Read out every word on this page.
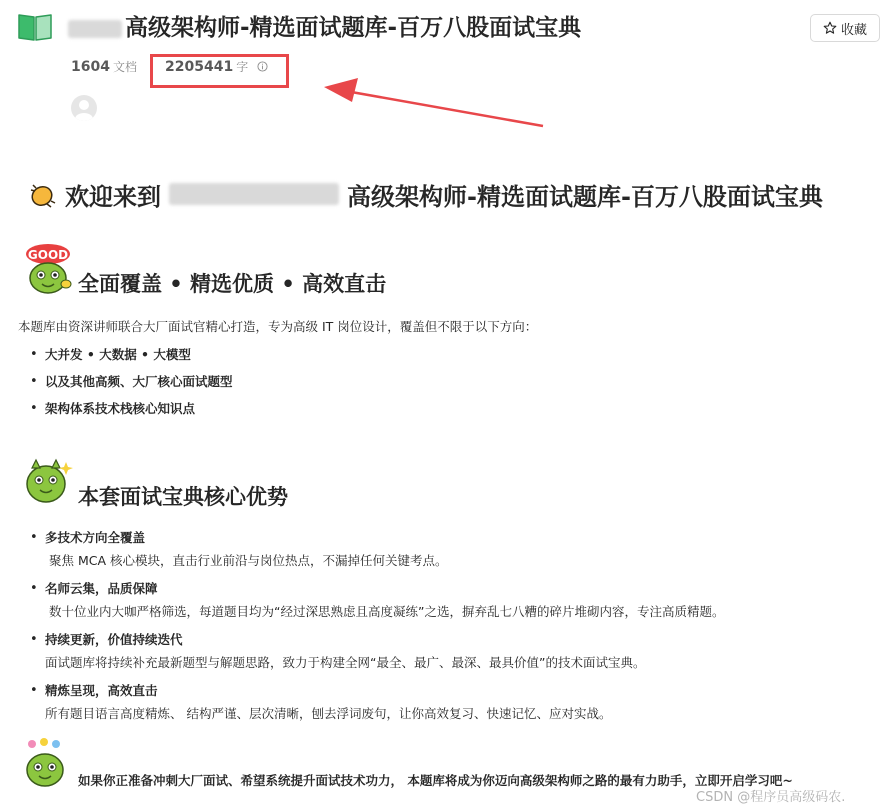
高级架构师-精选面试题库-百万八股面试宝典	收藏
1604 文档 2205441 字
欢迎来到	高级架构师-精选面试题库-百万八股面试宝典
GOOD
全面覆盖 • 精选优质 • 高效直击
本题库由资深讲师联合大厂面试官精心打造，专为高级 IT 岗位设计，覆盖但不限于以下方向：
• 大并发 • 大数据 • 大模型
• 以及其他高频、大厂核心面试题型
• 架构体系技术栈核心知识点
本套面试宝典核心优势
• 多技术方向全覆盖
聚焦 MCA 核心模块，直击行业前沿与岗位热点，不漏掉任何关键考点。
• 名师云集，品质保障
数十位业内大咖严格筛选，每道题目均为“经过深思熟虑且高度凝练”之选，摒弃乱七八糟的碎片堆砌内容，专注高质精题。
• 持续更新，价值持续迭代
面试题库将持续补充最新题型与解题思路，致力于构建全网“最全、最广、最深、最具价值”的技术面试宝典。
• 精炼呈现，高效直击
所有题目语言高度精炼、 结构严谨、层次清晰，刨去浮词废句，让你高效复习、快速记忆、应对实战。
如果你正准备冲刺大厂面试、希望系统提升面试技术功力， 本题库将成为你迈向高级架构师之路的最有力助手，立即开启学习吧~
CSDN @程序员高级码农.
